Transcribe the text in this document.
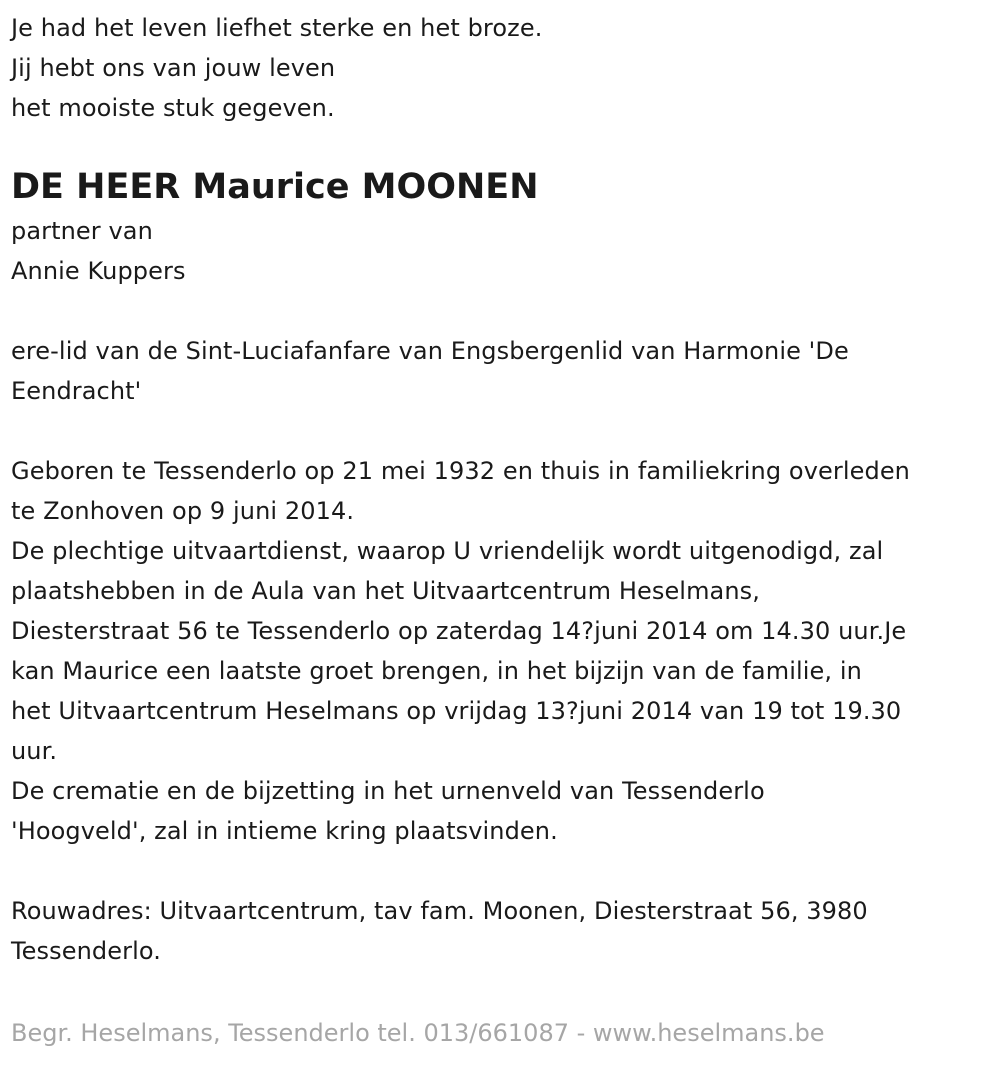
Je had het leven liefhet sterke en het broze.
Jij hebt ons van jouw leven
het mooiste stuk gegeven.
DE HEER Maurice MOONEN
partner van
Annie Kuppers
ere-lid van de Sint-Luciafanfare van Engsbergenlid van Harmonie 'De
Eendracht'
Geboren te Tessenderlo op 21 mei 1932 en thuis in familiekring overleden
te Zonhoven op 9 juni 2014.
De plechtige uitvaartdienst, waarop U vriendelijk wordt uitgenodigd, zal
plaatshebben in de Aula van het Uitvaartcentrum Heselmans,
Diesterstraat 56 te Tessenderlo op zaterdag 14?juni 2014 om 14.30 uur.Je
kan Maurice een laatste groet brengen, in het bijzijn van de familie, in
het Uitvaartcentrum Heselmans op vrijdag 13?juni 2014 van 19 tot 19.30
uur.
De crematie en de bijzetting in het urnenveld van Tessenderlo
'Hoogveld', zal in intieme kring plaatsvinden.
Rouwadres: Uitvaartcentrum, tav fam. Moonen, Diesterstraat 56, 3980
Tessenderlo.
Begr. Heselmans, Tessenderlo tel. 013/661087 - www.heselmans.be
